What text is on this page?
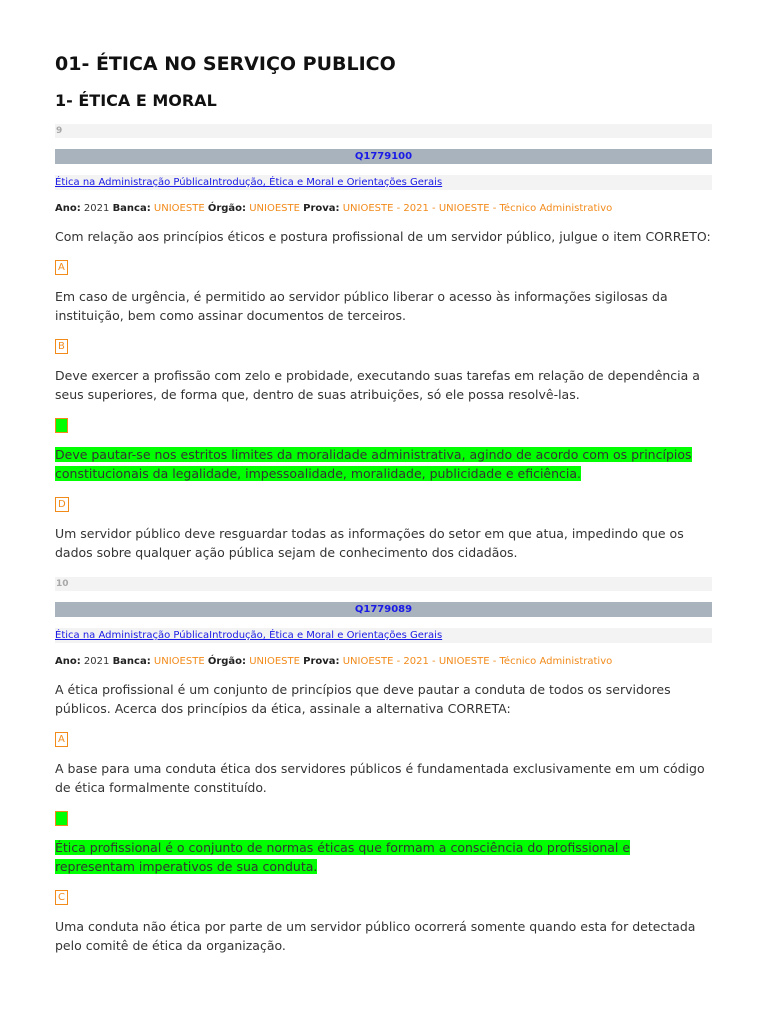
01- ÉTICA NO SERVIÇO PUBLICO
1- ÉTICA E MORAL
9
Q1779100
Ética na Administração PúblicaIntrodução, Ética e Moral e Orientações Gerais
Ano: 2021 Banca: UNIOESTE Órgão: UNIOESTE Prova: UNIOESTE - 2021 - UNIOESTE - Técnico Administrativo
Com relação aos princípios éticos e postura profissional de um servidor público, julgue o item CORRETO:
A
Em caso de urgência, é permitido ao servidor público liberar o acesso às informações sigilosas da instituição, bem como assinar documentos de terceiros.
B
Deve exercer a profissão com zelo e probidade, executando suas tarefas em relação de dependência a seus superiores, de forma que, dentro de suas atribuições, só ele possa resolvê-las.
C
Deve pautar-se nos estritos limites da moralidade administrativa, agindo de acordo com os princípios constitucionais da legalidade, impessoalidade, moralidade, publicidade e eficiência.
D
Um servidor público deve resguardar todas as informações do setor em que atua, impedindo que os dados sobre qualquer ação pública sejam de conhecimento dos cidadãos.
10
Q1779089
Ética na Administração PúblicaIntrodução, Ética e Moral e Orientações Gerais
Ano: 2021 Banca: UNIOESTE Órgão: UNIOESTE Prova: UNIOESTE - 2021 - UNIOESTE - Técnico Administrativo
A ética profissional é um conjunto de princípios que deve pautar a conduta de todos os servidores públicos. Acerca dos princípios da ética, assinale a alternativa CORRETA:
A
A base para uma conduta ética dos servidores públicos é fundamentada exclusivamente em um código de ética formalmente constituído.
B
Ética profissional é o conjunto de normas éticas que formam a consciência do profissional e representam imperativos de sua conduta.
C
Uma conduta não ética por parte de um servidor público ocorrerá somente quando esta for detectada pelo comitê de ética da organização.
